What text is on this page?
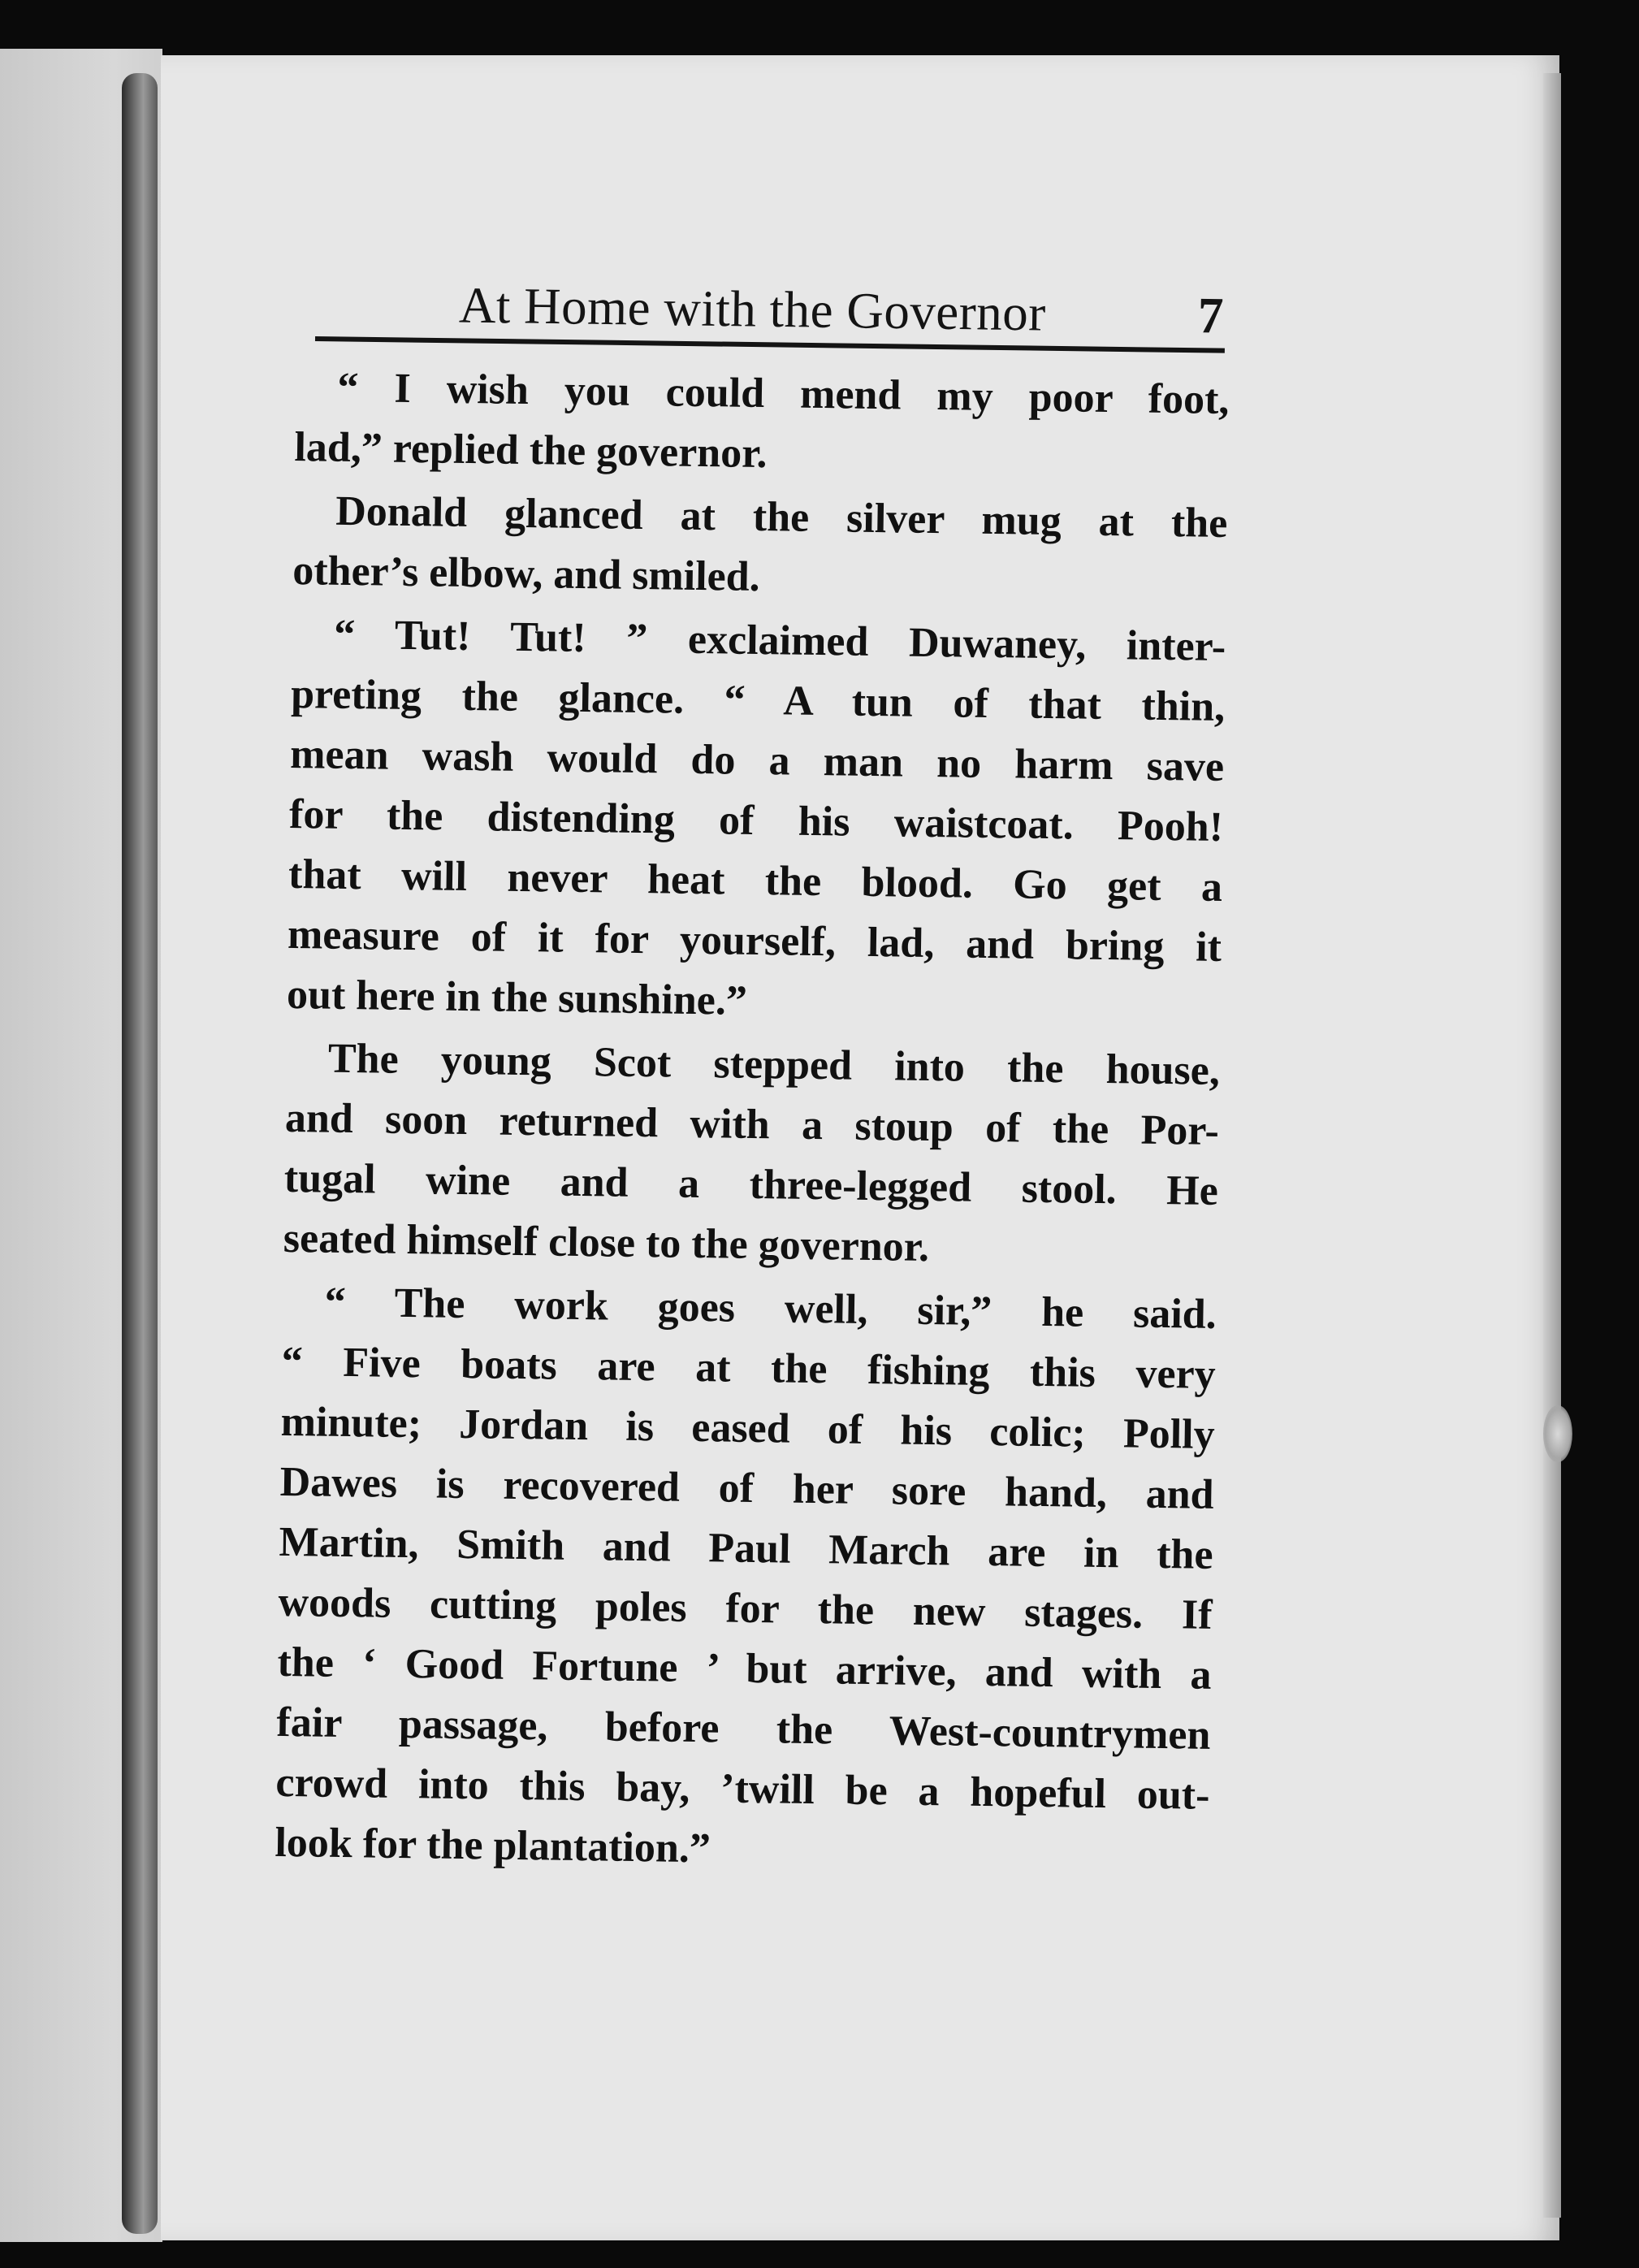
At Home with the Governor	7
“ I wish you could mend my poor foot,
lad,” replied the governor.
Donald glanced at the silver mug at the
other’s elbow, and smiled.
“ Tut! Tut! ” exclaimed Duwaney, inter-
preting the glance. “ A tun of that thin,
mean wash would do a man no harm save
for the distending of his waistcoat. Pooh!
that will never heat the blood. Go get a
measure of it for yourself, lad, and bring it
out here in the sunshine.”
The young Scot stepped into the house,
and soon returned with a stoup of the Por-
tugal wine and a three-legged stool. He
seated himself close to the governor.
“ The work goes well, sir,” he said.
“ Five boats are at the fishing this very
minute; Jordan is eased of his colic; Polly
Dawes is recovered of her sore hand, and
Martin, Smith and Paul March are in the
woods cutting poles for the new stages. If
the ‘ Good Fortune ’ but arrive, and with a
fair passage, before the West-countrymen
crowd into this bay, ’twill be a hopeful out-
look for the plantation.”
